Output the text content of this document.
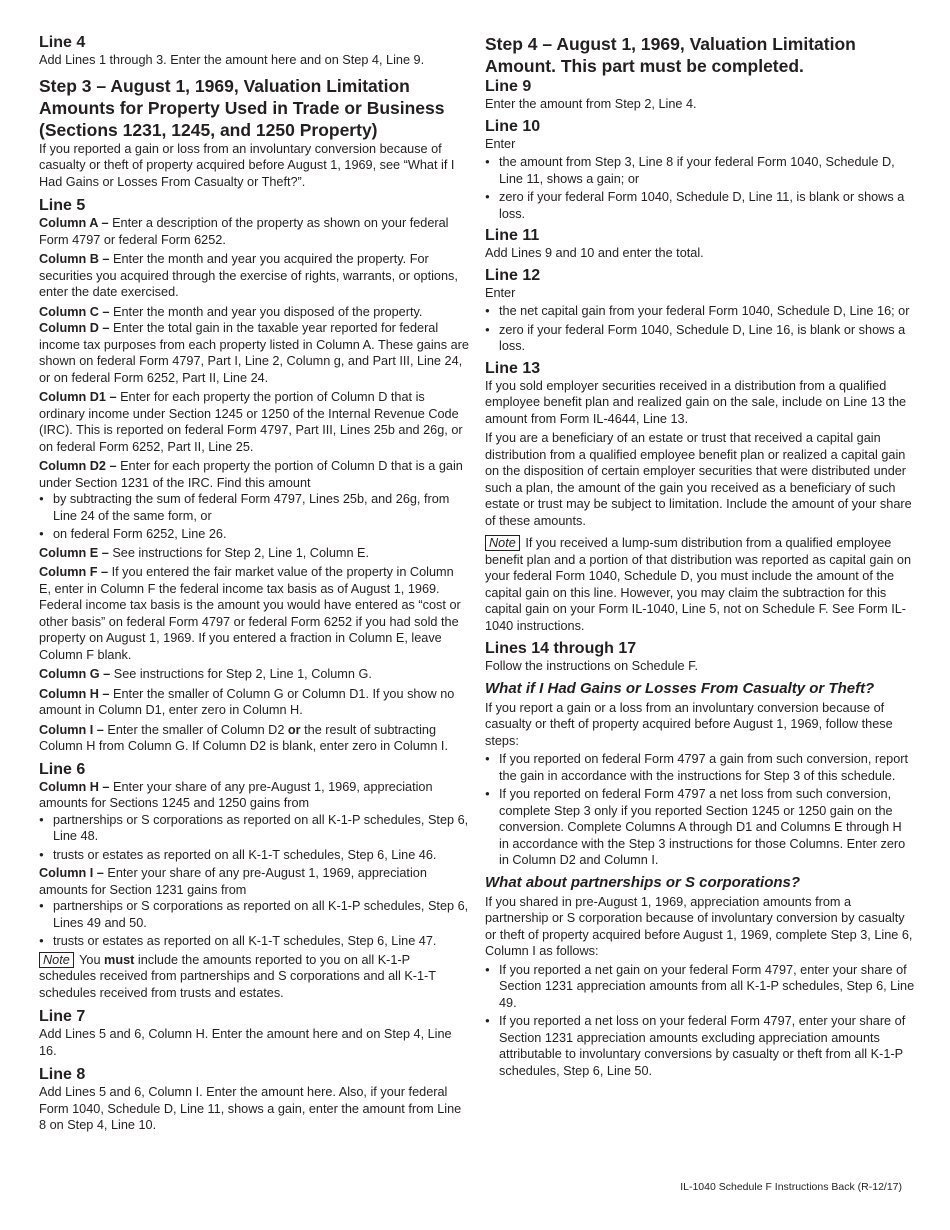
Line 4

Add Lines 1 through 3. Enter the amount here and on Step 4, Line 9.

Step 3 – August 1, 1969, Valuation Limitation Amounts for Property Used in Trade or Business (Sections 1231, 1245, and 1250 Property)

If you reported a gain or loss from an involuntary conversion because of casualty or theft of property acquired before August 1, 1969, see “What if I Had Gains or Losses From Casualty or Theft?”.

Line 5

Column A – Enter a description of the property as shown on your federal Form 4797 or federal Form 6252.

Column B – Enter the month and year you acquired the property. For securities you acquired through the exercise of rights, warrants, or options, enter the date exercised.

Column C – Enter the month and year you disposed of the property.

Column D – Enter the total gain in the taxable year reported for federal income tax purposes from each property listed in Column A. These gains are shown on federal Form 4797, Part I, Line 2, Column g, and Part III, Line 24, or on federal Form 6252, Part II, Line 24.

Column D1 – Enter for each property the portion of Column D that is ordinary income under Section 1245 or 1250 of the Internal Revenue Code (IRC). This is reported on federal Form 4797, Part III, Lines 25b and 26g, or on federal Form 6252, Part II, Line 25.

Column D2 – Enter for each property the portion of Column D that is a gain under Section 1231 of the IRC. Find this amount

● by subtracting the sum of federal Form 4797, Lines 25b, and 26g, from Line 24 of the same form, or
● on federal Form 6252, Line 26.

Column E – See instructions for Step 2, Line 1, Column E.

Column F – If you entered the fair market value of the property in Column E, enter in Column F the federal income tax basis as of August 1, 1969. Federal income tax basis is the amount you would have entered as “cost or other basis” on federal Form 4797 or federal Form 6252 if you had sold the property on August 1, 1969. If you entered a fraction in Column E, leave Column F blank.

Column G – See instructions for Step 2, Line 1, Column G.

Column H – Enter the smaller of Column G or Column D1. If you show no amount in Column D1, enter zero in Column H.

Column I – Enter the smaller of Column D2 or the result of subtracting Column H from Column G. If Column D2 is blank, enter zero in Column I.

Line 6

Column H – Enter your share of any pre-August 1, 1969, appreciation amounts for Sections 1245 and 1250 gains from

● partnerships or S corporations as reported on all K-1-P schedules, Step 6, Line 48.
● trusts or estates as reported on all K-1-T schedules, Step 6, Line 46.

Column I – Enter your share of any pre-August 1, 1969, appreciation amounts for Section 1231 gains from

● partnerships or S corporations as reported on all K-1-P schedules, Step 6, Lines 49 and 50.
● trusts or estates as reported on all K-1-T schedules, Step 6, Line 47.

Note You must include the amounts reported to you on all K-1-P schedules received from partnerships and S corporations and all K-1-T schedules received from trusts and estates.

Line 7

Add Lines 5 and 6, Column H. Enter the amount here and on Step 4, Line 16.

Line 8

Add Lines 5 and 6, Column I. Enter the amount here. Also, if your federal Form 1040, Schedule D, Line 11, shows a gain, enter the amount from Line 8 on Step 4, Line 10.

Step 4 – August 1, 1969, Valuation Limitation Amount. This part must be completed.
Line 9

Enter the amount from Step 2, Line 4.

Line 10

Enter

● the amount from Step 3, Line 8 if your federal Form 1040, Schedule D, Line 11, shows a gain; or
● zero if your federal Form 1040, Schedule D, Line 11, is blank or shows a loss.
Line 11

Add Lines 9 and 10 and enter the total.

Line 12

Enter

● the net capital gain from your federal Form 1040, Schedule D, Line 16; or
● zero if your federal Form 1040, Schedule D, Line 16, is blank or shows a loss.
Line 13

If you sold employer securities received in a distribution from a qualified employee benefit plan and realized gain on the sale, include on Line 13 the amount from Form IL-4644, Line 13.

If you are a beneficiary of an estate or trust that received a capital gain distribution from a qualified employee benefit plan or realized a capital gain on the disposition of certain employer securities that were distributed under such a plan, the amount of the gain you received as a beneficiary of such estate or trust may be subject to limitation. Include the amount of your share of these amounts.

Note If you received a lump-sum distribution from a qualified employee benefit plan and a portion of that distribution was reported as capital gain on your federal Form 1040, Schedule D, you must include the amount of the capital gain on this line. However, you may claim the subtraction for this capital gain on your Form IL-1040, Line 5, not on Schedule F. See Form IL-1040 instructions.

Lines 14 through 17

Follow the instructions on Schedule F.

What if I Had Gains or Losses From Casualty or Theft?

If you report a gain or a loss from an involuntary conversion because of casualty or theft of property acquired before August 1, 1969, follow these steps:

● If you reported on federal Form 4797 a gain from such conversion, report the gain in accordance with the instructions for Step 3 of this schedule.
● If you reported on federal Form 4797 a net loss from such conversion, complete Step 3 only if you reported Section 1245 or 1250 gain on the conversion. Complete Columns A through D1 and Columns E through H in accordance with the Step 3 instructions for those Columns. Enter zero in Column D2 and Column I.
What about partnerships or S corporations?

If you shared in pre-August 1, 1969, appreciation amounts from a partnership or S corporation because of involuntary conversion by casualty or theft of property acquired before August 1, 1969, complete Step 3, Line 6, Column I as follows:

● If you reported a net gain on your federal Form 4797, enter your share of Section 1231 appreciation amounts from all K-1-P schedules, Step 6, Line 49.
● If you reported a net loss on your federal Form 4797, enter your share of Section 1231 appreciation amounts excluding appreciation amounts attributable to involuntary conversions by casualty or theft from all K-1-P schedules, Step 6, Line 50.
IL-1040 Schedule F Instructions Back (R-12/17)
